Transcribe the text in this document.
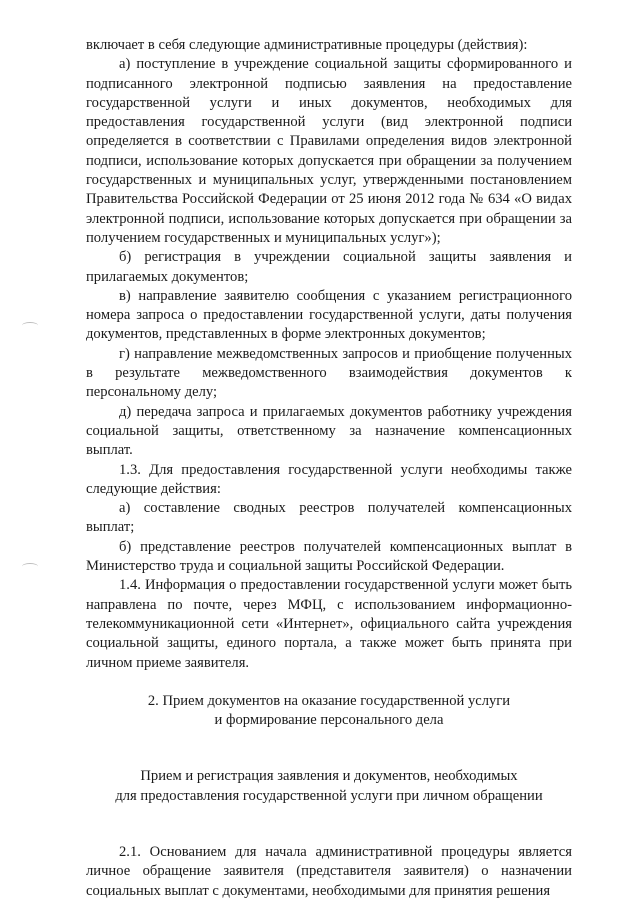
включает в себя следующие административные процедуры (действия):

а) поступление в учреждение социальной защиты сформированного и подписанного электронной подписью заявления на предоставление государственной услуги и иных документов, необходимых для предоставления государственной услуги (вид электронной подписи определяется в соответствии с Правилами определения видов электронной подписи, использование которых допускается при обращении за получением государственных и муниципальных услуг, утвержденными постановлением Правительства Российской Федерации от 25 июня 2012 года № 634 «О видах электронной подписи, использование которых допускается при обращении за получением государственных и муниципальных услуг»);

б) регистрация в учреждении социальной защиты заявления и прилагаемых документов;

в) направление заявителю сообщения с указанием регистрационного номера запроса о предоставлении государственной услуги, даты получения документов, представленных в форме электронных документов;

г) направление межведомственных запросов и приобщение полученных в результате межведомственного взаимодействия документов к персональному делу;

д) передача запроса и прилагаемых документов работнику учреждения социальной защиты, ответственному за назначение компенсационных выплат.

1.3. Для предоставления государственной услуги необходимы также следующие действия:

а) составление сводных реестров получателей компенсационных выплат;

б) представление реестров получателей компенсационных выплат в Министерство труда и социальной защиты Российской Федерации.

1.4. Информация о предоставлении государственной услуги может быть направлена по почте, через МФЦ, с использованием информационно-телекоммуникационной сети «Интернет», официального сайта учреждения социальной защиты, единого портала, а также может быть принята при личном приеме заявителя.

2. Прием документов на оказание государственной услуги

и формирование персонального дела

Прием и регистрация заявления и документов, необходимых

для предоставления государственной услуги при личном обращении

2.1. Основанием для начала административной процедуры является личное обращение заявителя (представителя заявителя) о назначении социальных выплат с документами, необходимыми для принятия решения
